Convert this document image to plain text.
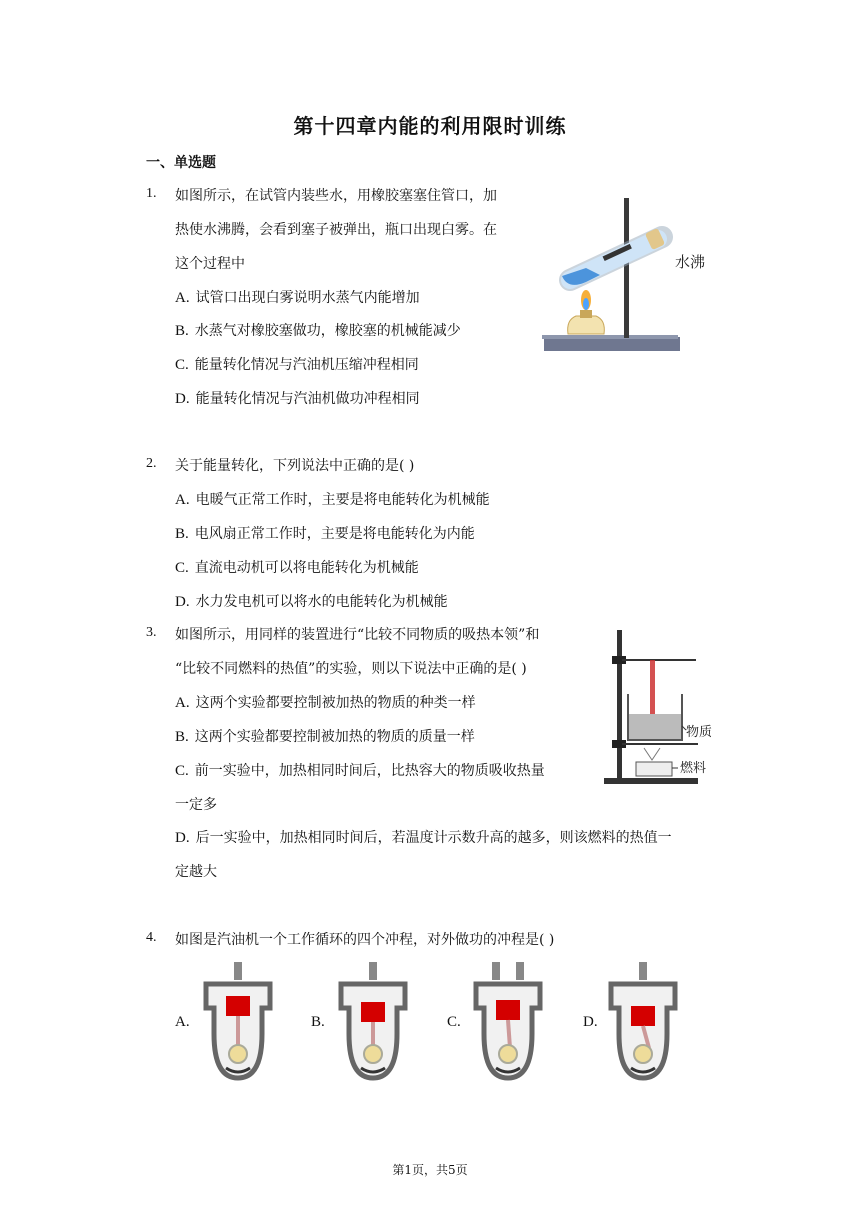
第十四章内能的利用限时训练
一、单选题
1. 如图所示，在试管内装些水，用橡胶塞塞住管口，加
热使水沸腾，会看到塞子被弹出，瓶口出现白雾。在
这个过程中
A. 试管口出现白雾说明水蒸气内能增加
B. 水蒸气对橡胶塞做功，橡胶塞的机械能减少
C. 能量转化情况与汽油机压缩冲程相同
D. 能量转化情况与汽油机做功冲程相同
水沸
2. 关于能量转化，下列说法中正确的是( )
A. 电暖气正常工作时，主要是将电能转化为机械能
B. 电风扇正常工作时，主要是将电能转化为内能
C. 直流电动机可以将电能转化为机械能
D. 水力发电机可以将水的电能转化为机械能
3. 如图所示，用同样的装置进行“比较不同物质的吸热本领”和
“比较不同燃料的热值”的实验，则以下说法中正确的是( )
A. 这两个实验都要控制被加热的物质的种类一样
B. 这两个实验都要控制被加热的物质的质量一样
C. 前一实验中，加热相同时间后，比热容大的物质吸收热量
一定多
D. 后一实验中，加热相同时间后，若温度计示数升高的越多，则该燃料的热值一
定越大
物质
燃料
4. 如图是汽油机一个工作循环的四个冲程，对外做功的冲程是( )
A.	B.	C.	D.
第1页，共5页
